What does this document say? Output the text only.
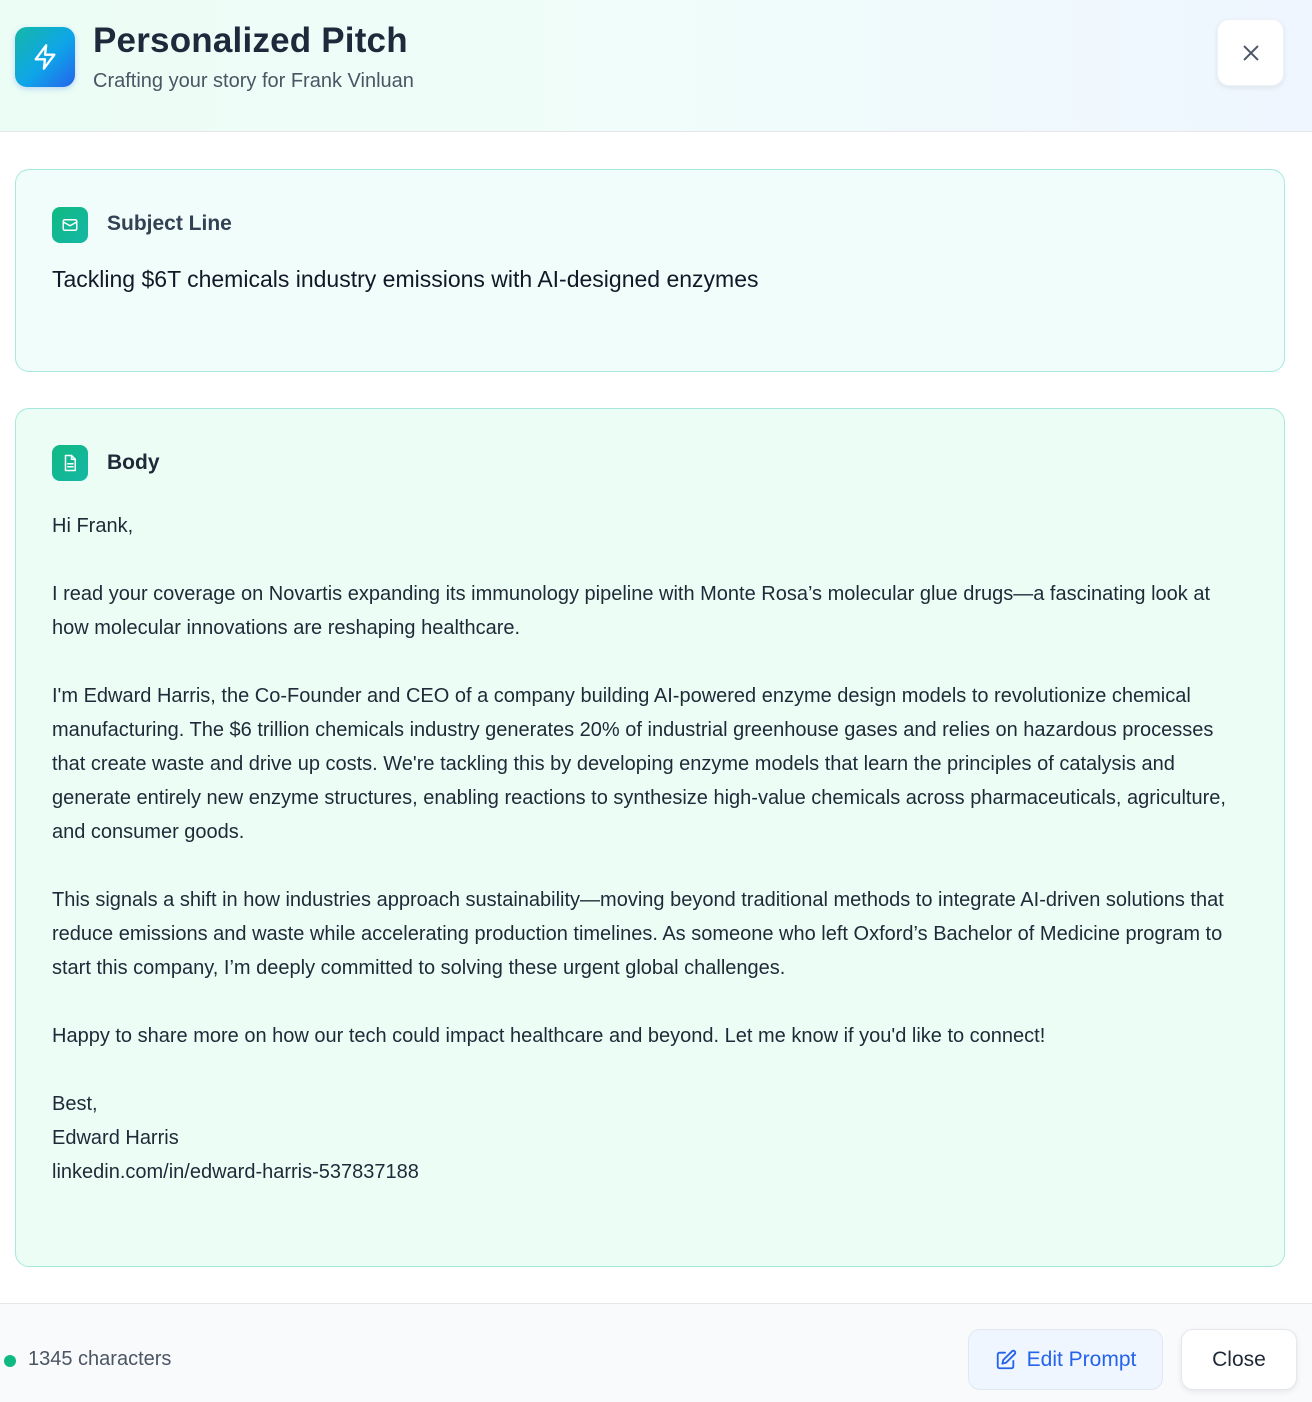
Personalized Pitch
Crafting your story for Frank Vinluan
Subject Line
Tackling $6T chemicals industry emissions with AI-designed enzymes
Body

Hi Frank,

I read your coverage on Novartis expanding its immunology pipeline with Monte Rosa’s molecular glue drugs—a fascinating look at how molecular innovations are reshaping healthcare.

I'm Edward Harris, the Co-Founder and CEO of a company building AI-powered enzyme design models to revolutionize chemical manufacturing. The $6 trillion chemicals industry generates 20% of industrial greenhouse gases and relies on hazardous processes that create waste and drive up costs. We're tackling this by developing enzyme models that learn the principles of catalysis and generate entirely new enzyme structures, enabling reactions to synthesize high-value chemicals across pharmaceuticals, agriculture, and consumer goods.

This signals a shift in how industries approach sustainability—moving beyond traditional methods to integrate AI-driven solutions that reduce emissions and waste while accelerating production timelines. As someone who left Oxford’s Bachelor of Medicine program to start this company, I’m deeply committed to solving these urgent global challenges.

Happy to share more on how our tech could impact healthcare and beyond. Let me know if you'd like to connect!

Best,
Edward Harris
linkedin.com/in/edward-harris-537837188
1345 characters	Edit Prompt	Close
